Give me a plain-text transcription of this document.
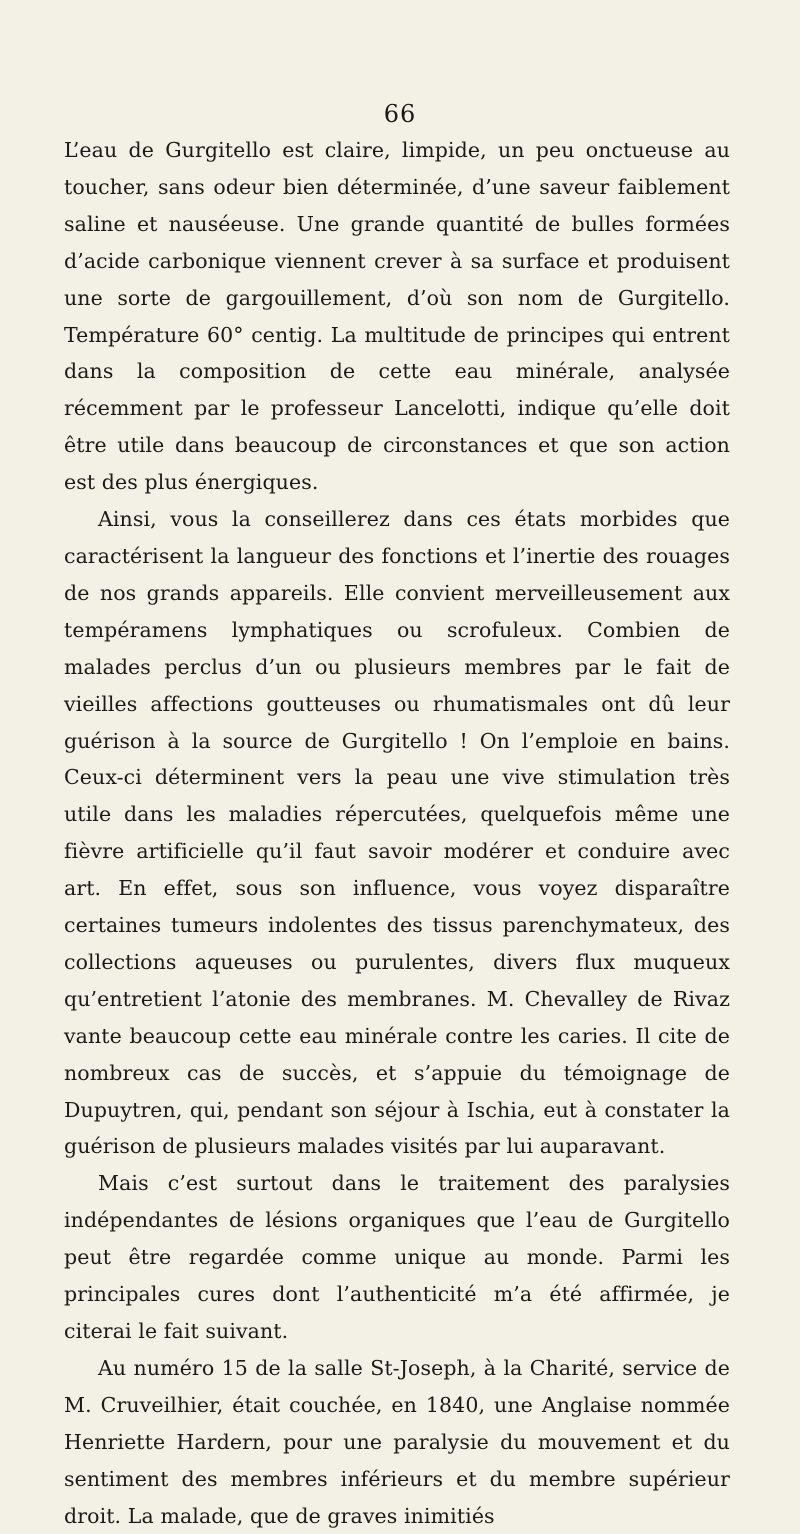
66

L’eau de Gurgitello est claire, limpide, un peu onctueuse au toucher, sans odeur bien déterminée, d’une saveur faiblement saline et nauséeuse. Une grande quantité de bulles formées d’acide carbonique viennent crever à sa surface et produisent une sorte de gargouillement, d’où son nom de Gurgitello. Température 60° centig. La multitude de principes qui entrent dans la composition de cette eau minérale, analysée récemment par le professeur Lancelotti, indique qu’elle doit être utile dans beaucoup de circonstances et que son action est des plus énergiques.

Ainsi, vous la conseillerez dans ces états morbides que caractérisent la langueur des fonctions et l’inertie des rouages de nos grands appareils. Elle convient merveilleusement aux tempéramens lymphatiques ou scrofuleux. Combien de malades perclus d’un ou plusieurs membres par le fait de vieilles affections goutteuses ou rhumatismales ont dû leur guérison à la source de Gurgitello ! On l’emploie en bains. Ceux-ci déterminent vers la peau une vive stimulation très utile dans les maladies répercutées, quelquefois même une fièvre artificielle qu’il faut savoir modérer et conduire avec art. En effet, sous son influence, vous voyez disparaître certaines tumeurs indolentes des tissus parenchymateux, des collections aqueuses ou purulentes, divers flux muqueux qu’entretient l’atonie des membranes. M. Chevalley de Rivaz vante beaucoup cette eau minérale contre les caries. Il cite de nombreux cas de succès, et s’appuie du témoignage de Dupuytren, qui, pendant son séjour à Ischia, eut à constater la guérison de plusieurs malades visités par lui auparavant.

Mais c’est surtout dans le traitement des paralysies indépendantes de lésions organiques que l’eau de Gurgitello peut être regardée comme unique au monde. Parmi les principales cures dont l’authenticité m’a été affirmée, je citerai le fait suivant.

Au numéro 15 de la salle St-Joseph, à la Charité, service de M. Cruveilhier, était couchée, en 1840, une Anglaise nommée Henriette Hardern, pour une paralysie du mouvement et du sentiment des membres inférieurs et du membre supérieur droit. La malade, que de graves inimitiés
